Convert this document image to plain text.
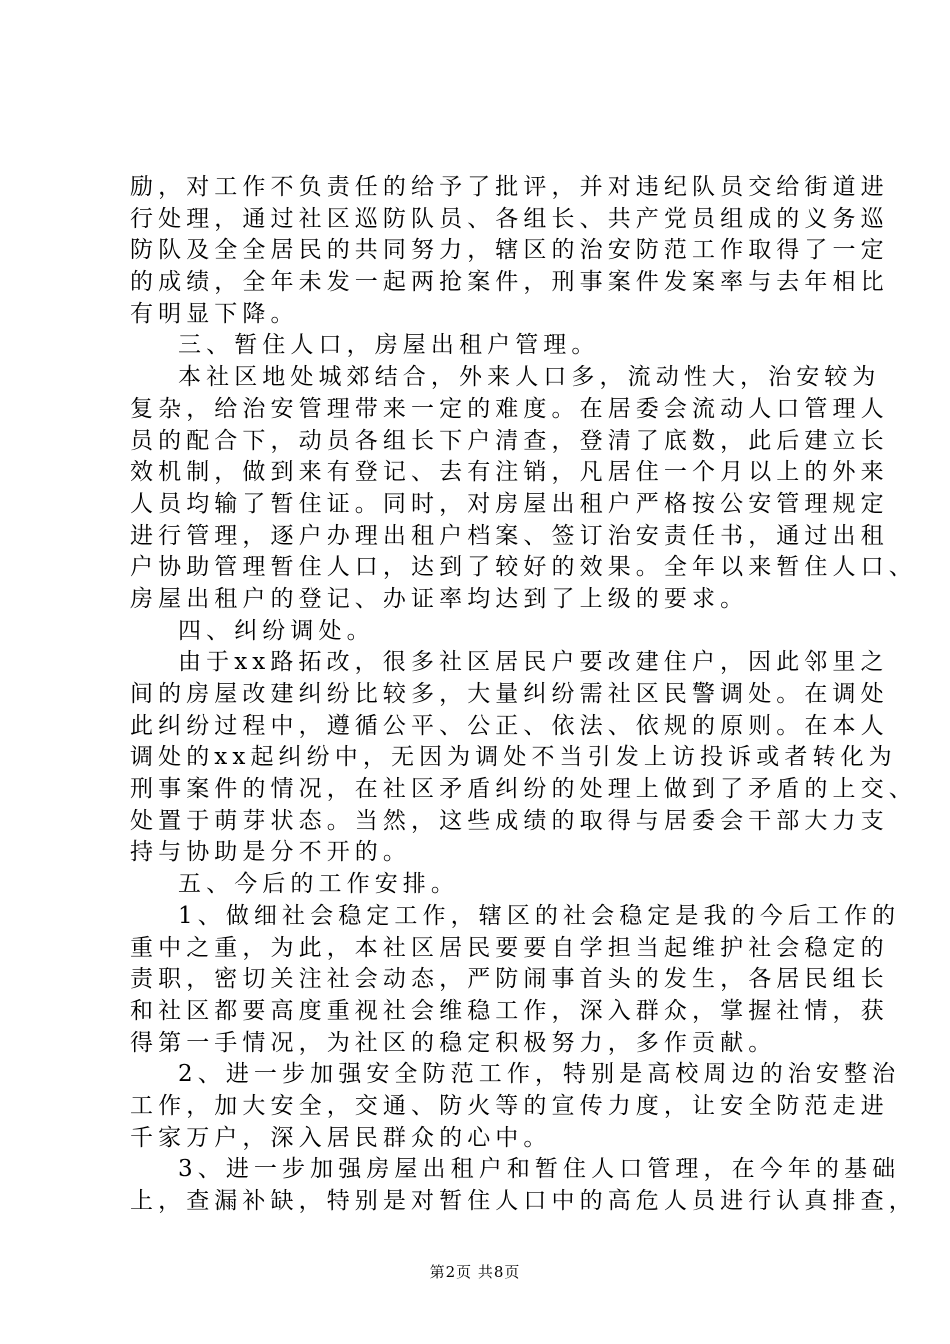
励，对工作不负责任的给予了批评，并对违纪队员交给街道进
行处理，通过社区巡防队员、各组长、共产党员组成的义务巡
防队及全全居民的共同努力，辖区的治安防范工作取得了一定
的成绩，全年未发一起两抢案件，刑事案件发案率与去年相比
有明显下降。
三、暂住人口，房屋出租户管理。
本社区地处城郊结合，外来人口多，流动性大，治安较为
复杂，给治安管理带来一定的难度。在居委会流动人口管理人
员的配合下，动员各组长下户清查，登清了底数，此后建立长
效机制，做到来有登记、去有注销，凡居住一个月以上的外来
人员均输了暂住证。同时，对房屋出租户严格按公安管理规定
进行管理，逐户办理出租户档案、签订治安责任书，通过出租
户协助管理暂住人口，达到了较好的效果。全年以来暂住人口、
房屋出租户的登记、办证率均达到了上级的要求。
四、纠纷调处。
由于xx路拓改，很多社区居民户要改建住户，因此邻里之
间的房屋改建纠纷比较多，大量纠纷需社区民警调处。在调处
此纠纷过程中，遵循公平、公正、依法、依规的原则。在本人
调处的xx起纠纷中，无因为调处不当引发上访投诉或者转化为
刑事案件的情况，在社区矛盾纠纷的处理上做到了矛盾的上交、
处置于萌芽状态。当然，这些成绩的取得与居委会干部大力支
持与协助是分不开的。
五、今后的工作安排。
1、做细社会稳定工作，辖区的社会稳定是我的今后工作的
重中之重，为此，本社区居民要要自学担当起维护社会稳定的
责职，密切关注社会动态，严防闹事首头的发生，各居民组长
和社区都要高度重视社会维稳工作，深入群众，掌握社情，获
得第一手情况，为社区的稳定积极努力，多作贡献。
2、进一步加强安全防范工作，特别是高校周边的治安整治
工作，加大安全，交通、防火等的宣传力度，让安全防范走进
千家万户，深入居民群众的心中。
3、进一步加强房屋出租户和暂住人口管理，在今年的基础
上，查漏补缺，特别是对暂住人口中的高危人员进行认真排查，
第2页 共8页
